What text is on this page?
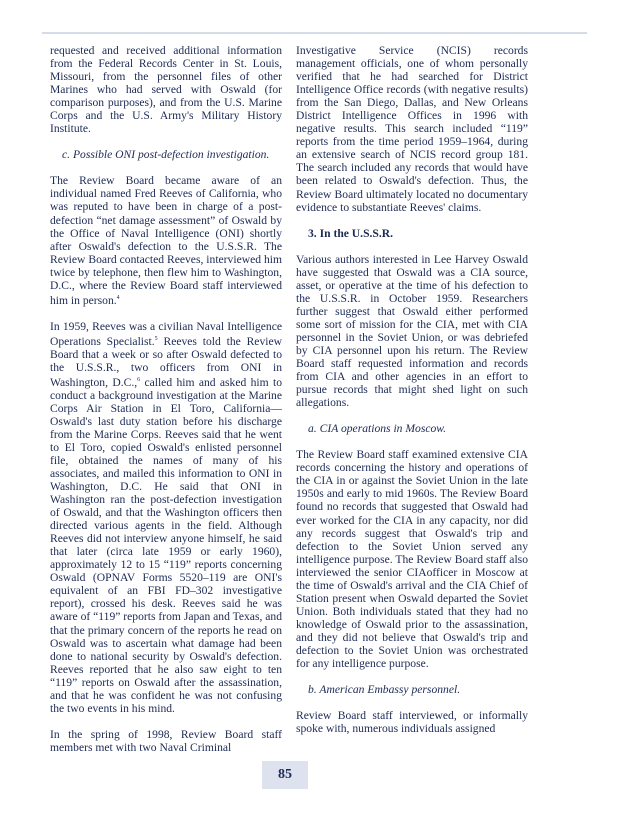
requested and received additional information from the Federal Records Center in St. Louis, Missouri, from the personnel files of other Marines who had served with Oswald (for comparison purposes), and from the U.S. Marine Corps and the U.S. Army's Military History Institute.

c. Possible ONI post-defection investigation.

The Review Board became aware of an individual named Fred Reeves of California, who was reputed to have been in charge of a post-defection “net damage assessment” of Oswald by the Office of Naval Intelligence (ONI) shortly after Oswald's defection to the U.S.S.R. The Review Board contacted Reeves, interviewed him twice by telephone, then flew him to Washington, D.C., where the Review Board staff interviewed him in person.$^4$

In 1959, Reeves was a civilian Naval Intelligence Operations Specialist.$^5$ Reeves told the Review Board that a week or so after Oswald defected to the U.S.S.R., two officers from ONI in Washington, D.C.,$^6$ called him and asked him to conduct a background investigation at the Marine Corps Air Station in El Toro, California—Oswald's last duty station before his discharge from the Marine Corps. Reeves said that he went to El Toro, copied Oswald's enlisted personnel file, obtained the names of many of his associates, and mailed this information to ONI in Washington, D.C. He said that ONI in Washington ran the post-defection investigation of Oswald, and that the Washington officers then directed various agents in the field. Although Reeves did not interview anyone himself, he said that later (circa late 1959 or early 1960), approximately 12 to 15 “119” reports concerning Oswald (OPNAV Forms 5520–119 are ONI's equivalent of an FBI FD–302 investigative report), crossed his desk. Reeves said he was aware of “119” reports from Japan and Texas, and that the primary concern of the reports he read on Oswald was to ascertain what damage had been done to national security by Oswald's defection. Reeves reported that he also saw eight to ten “119” reports on Oswald after the assassination, and that he was confident he was not confusing the two events in his mind.

In the spring of 1998, Review Board staff members met with two Naval Criminal

Investigative Service (NCIS) records management officials, one of whom personally verified that he had searched for District Intelligence Office records (with negative results) from the San Diego, Dallas, and New Orleans District Intelligence Offices in 1996 with negative results. This search included “119” reports from the time period 1959–1964, during an extensive search of NCIS record group 181. The search included any records that would have been related to Oswald's defection. Thus, the Review Board ultimately located no documentary evidence to substantiate Reeves' claims.

3. In the U.S.S.R.

Various authors interested in Lee Harvey Oswald have suggested that Oswald was a CIA source, asset, or operative at the time of his defection to the U.S.S.R. in October 1959. Researchers further suggest that Oswald either performed some sort of mission for the CIA, met with CIA personnel in the Soviet Union, or was debriefed by CIA personnel upon his return. The Review Board staff requested information and records from CIA and other agencies in an effort to pursue records that might shed light on such allegations.

a. CIA operations in Moscow.

The Review Board staff examined extensive CIA records concerning the history and operations of the CIA in or against the Soviet Union in the late 1950s and early to mid 1960s. The Review Board found no records that suggested that Oswald had ever worked for the CIA in any capacity, nor did any records suggest that Oswald's trip and defection to the Soviet Union served any intelligence purpose. The Review Board staff also interviewed the senior CIAofficer in Moscow at the time of Oswald's arrival and the CIA Chief of Station present when Oswald departed the Soviet Union. Both individuals stated that they had no knowledge of Oswald prior to the assassination, and they did not believe that Oswald's trip and defection to the Soviet Union was orchestrated for any intelligence purpose.

b. American Embassy personnel.

Review Board staff interviewed, or informally spoke with, numerous individuals assigned

85
